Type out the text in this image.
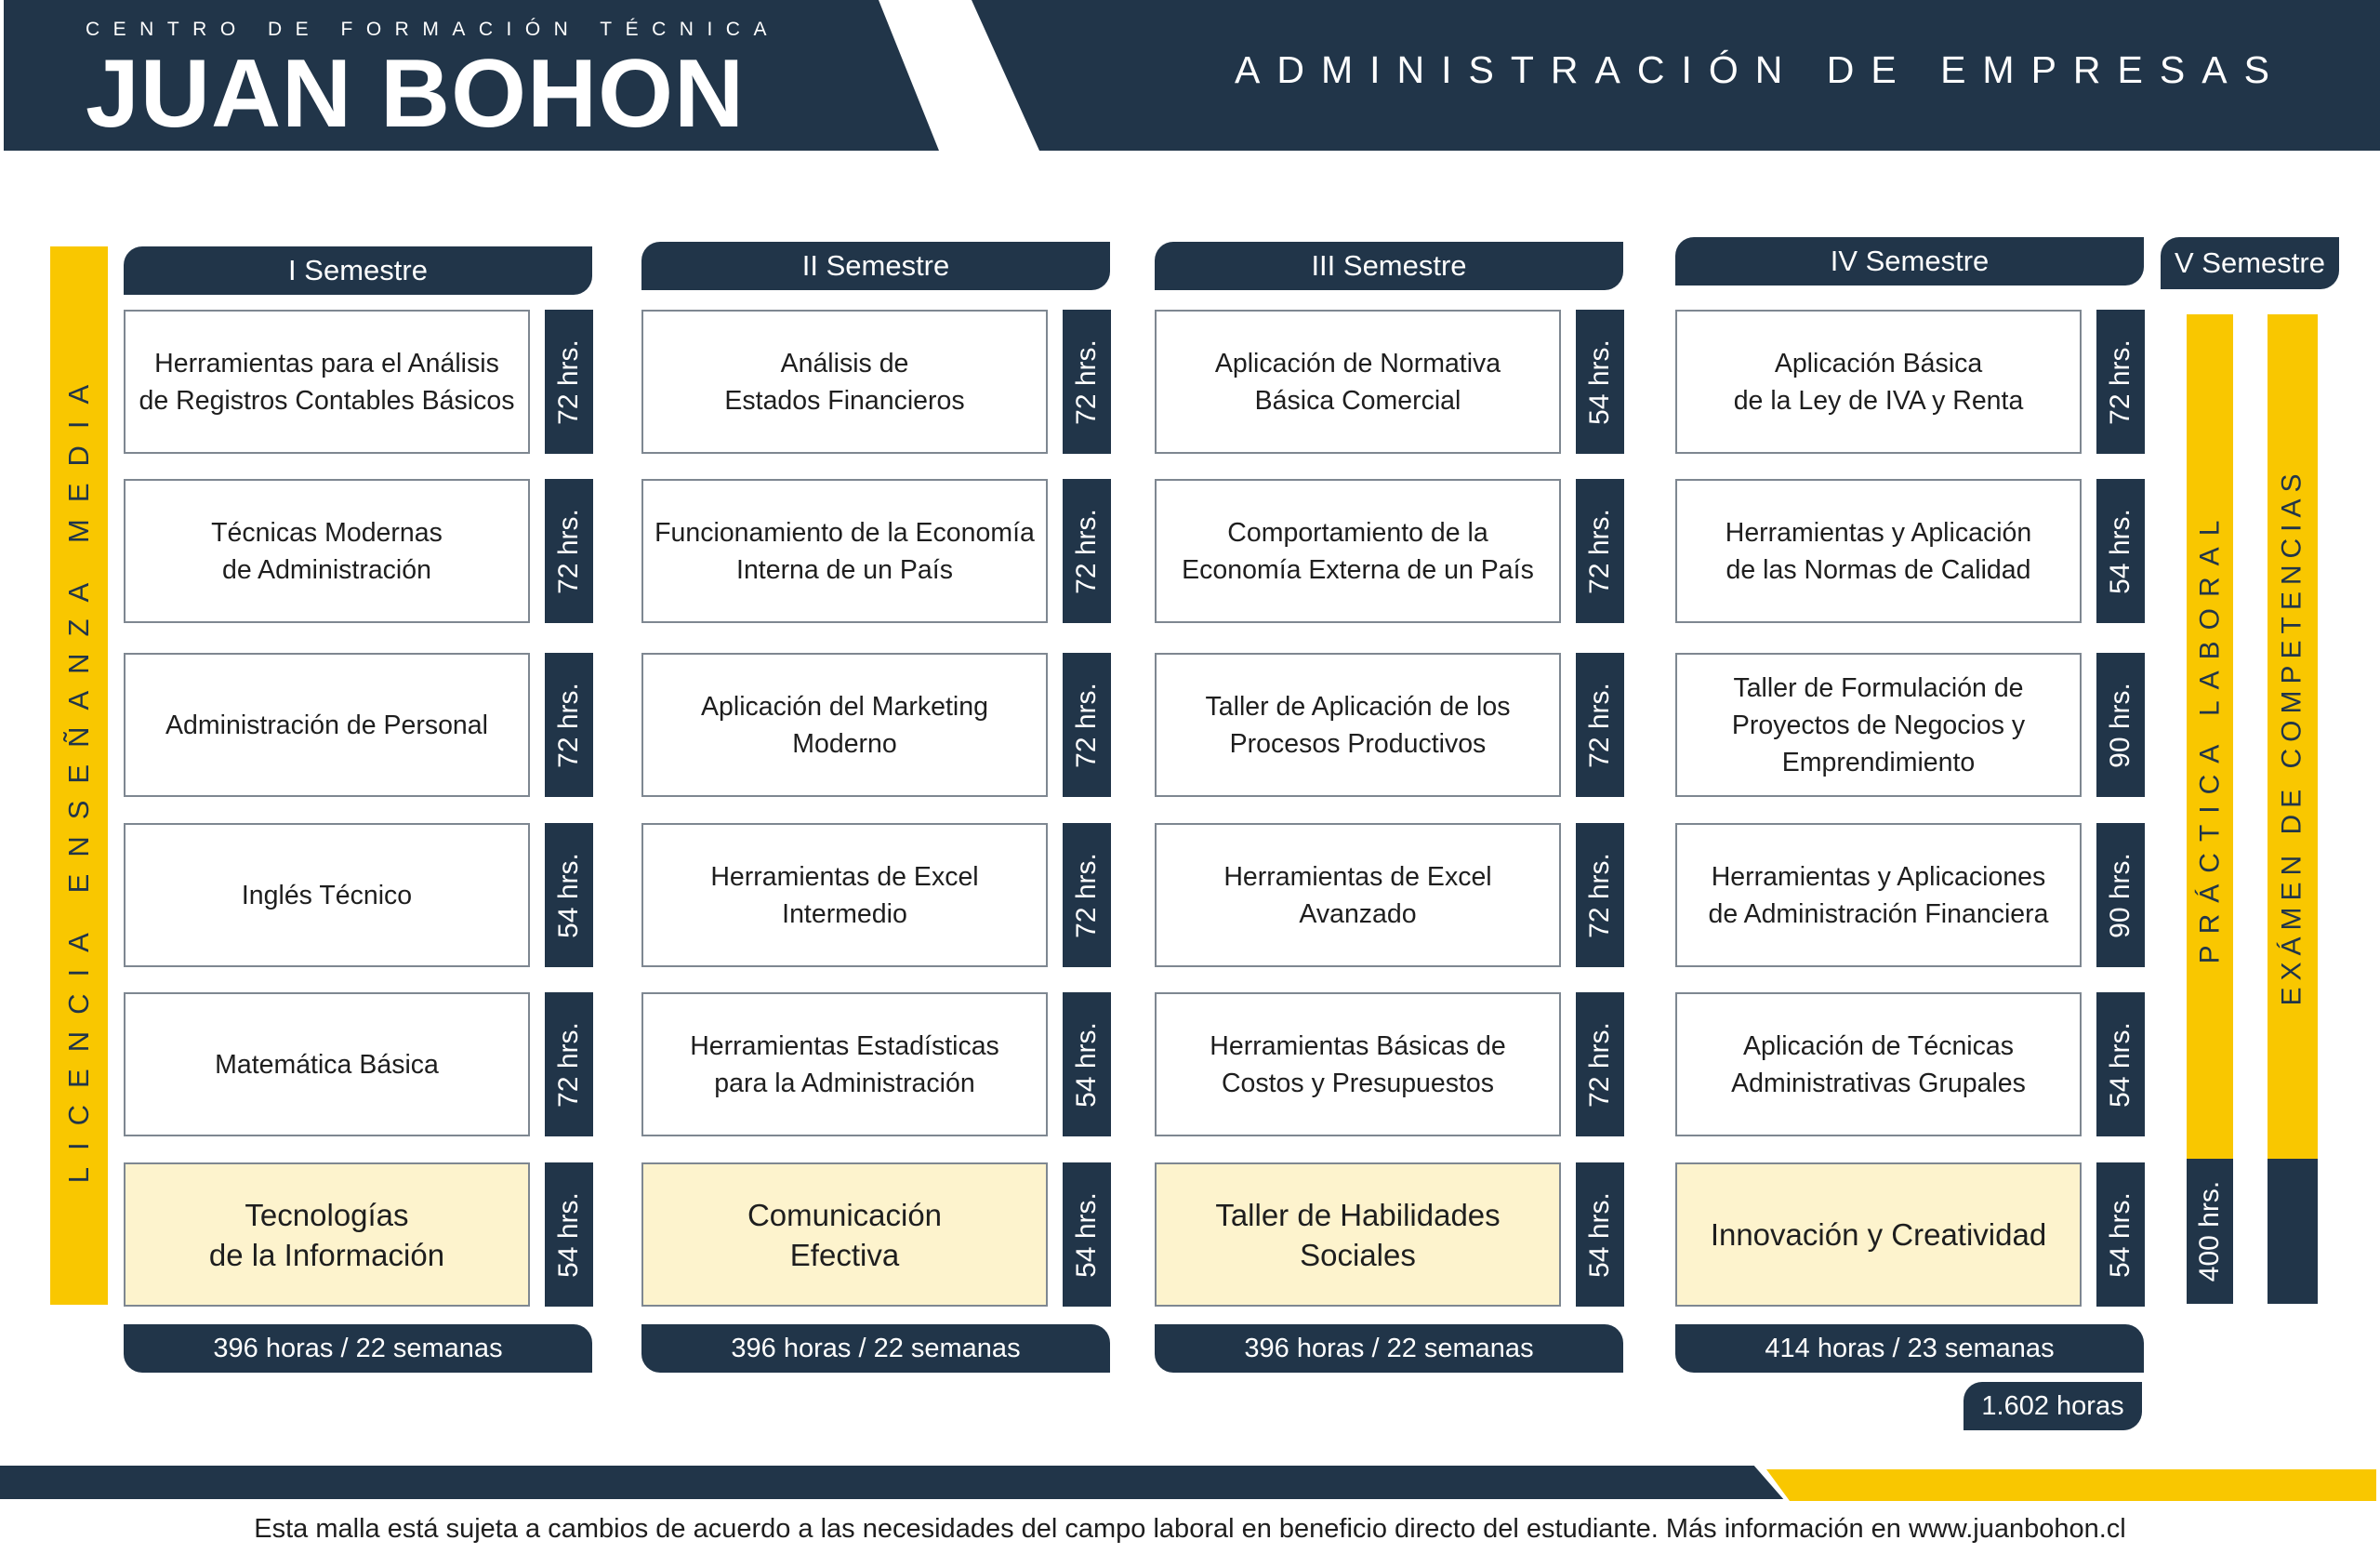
CENTRO DE FORMACIÓN TÉCNICA
JUAN BOHON	ADMINISTRACIÓN DE EMPRESAS
LICENCIA ENSEÑANZA MEDIA
I Semestre
Herramientas para el Análisis
de Registros Contables Básicos 72 hrs.
Técnicas Modernas
de Administración	72 hrs.
Administración de Personal 72 hrs.
Inglés Técnico	54 hrs.
Matemática Básica	72 hrs.
Tecnologías
de la Información	54 hrs.
396 horas / 22 semanas
II Semestre
Análisis de
Estados Financieros	72 hrs.
Funcionamiento de la Economía
Interna de un País	72 hrs.
Aplicación del Marketing
Moderno	72 hrs.
Herramientas de Excel
Intermedio	72 hrs.
Herramientas Estadísticas
para la Administración	54 hrs.
Comunicación
Efectiva	54 hrs.
396 horas / 22 semanas
III Semestre
Aplicación de Normativa
Básica Comercial	54 hrs.
Comportamiento de la
Economía Externa de un País 72 hrs.
Taller de Aplicación de los
Procesos Productivos	72 hrs.
Herramientas de Excel
Avanzado	72 hrs.
Herramientas Básicas de
Costos y Presupuestos	72 hrs.
Taller de Habilidades
Sociales	54 hrs.
396 horas / 22 semanas
IV Semestre
Aplicación Básica
de la Ley de IVA y Renta	72 hrs.
Herramientas y Aplicación
de las Normas de Calidad	54 hrs.
Taller de Formulación de
Proyectos de Negocios y
Emprendimiento	90 hrs.
Herramientas y Aplicaciones
de Administración Financiera 90 hrs.
Aplicación de Técnicas
Administrativas Grupales	54 hrs.
Innovación y Creatividad 54 hrs.
414 horas / 23 semanas
V Semestre
PRÁCTICA LABORAL
400 hrs.
EXÁMEN DE COMPETENCIAS
1.602 horas
Esta malla está sujeta a cambios de acuerdo a las necesidades del campo laboral en beneficio directo del estudiante. Más información en www.juanbohon.cl
